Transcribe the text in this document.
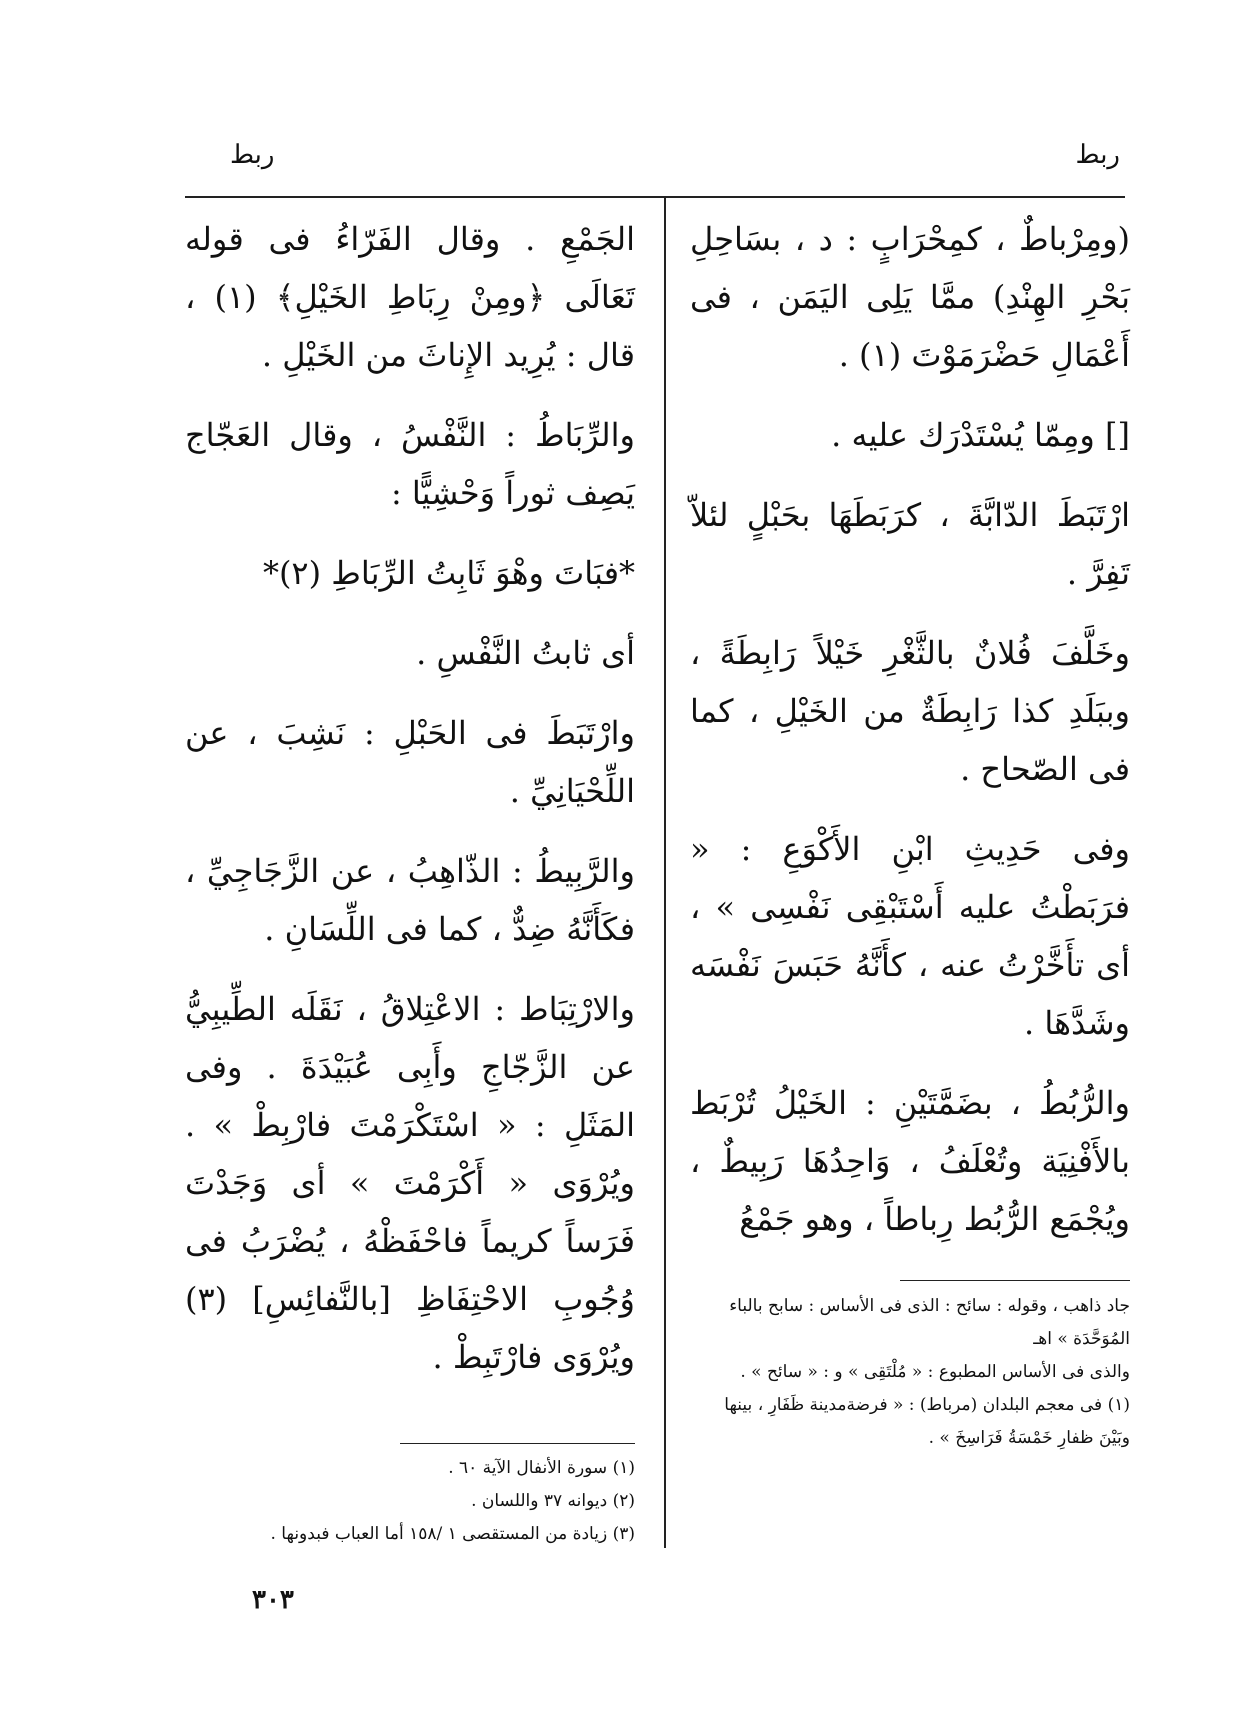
ربط
ربط

(ومِرْباطٌ ، كمِحْرَابٍ : د ، بسَاحِلِ بَحْرِ الهِنْدِ) ممَّا يَلِى اليَمَن ، فى أَعْمَالِ حَضْرَمَوْتَ (١) .

[] ومِمّا يُسْتَدْرَك عليه .

ارْتَبَطَ الدّابَّةَ ، كرَبَطَهَا بحَبْلٍ لئلاّ تَفِرَّ .

وخَلَّفَ فُلانٌ بالثَّغْرِ خَيْلاً رَابِطَةً ، وببَلَدِ كذا رَابِطَةٌ من الخَيْلِ ، كما فى الصّحاح .

وفى حَدِيثِ ابْنِ الأَكْوَعِ : « فرَبَطْتُ عليه أَسْتَبْقِى نَفْسِى » ، أى تأَخَّرْتُ عنه ، كأَنَّهُ حَبَسَ نَفْسَه وشَدَّهَا .

والرُّبُطُ ، بضَمَّتَيْنِ : الخَيْلُ تُرْبَط بالأَفْنِيَة وتُعْلَفُ ، وَاحِدُهَا رَبِيطٌ ، ويُجْمَع الرُّبُط رِباطاً ، وهو جَمْعُ

الجَمْعِ . وقال الفَرّاءُ فى قوله تَعَالَى ﴿ومِنْ رِبَاطِ الخَيْلِ﴾ (١) ، قال : يُرِيد الإِناثَ من الخَيْلِ .

والرِّبَاطُ : النَّفْسُ ، وقال العَجّاج يَصِف ثوراً وَحْشِيًّا :

*فبَاتَ وهْوَ ثَابِتُ الرِّبَاطِ (٢)*

أى ثابتُ النَّفْسِ .

وارْتَبَطَ فى الحَبْلِ : نَشِبَ ، عن اللِّحْيَانِيِّ .

والرَّبِيطُ : الذّاهِبُ ، عن الزَّجَاجِيِّ ، فكَأَنَّهُ ضِدٌّ ، كما فى اللِّسَانِ .

والارْتِبَاط : الاعْتِلاقُ ، نَقَلَه الطِّيبِيُّ عن الزَّجّاجِ وأَبِى عُبَيْدَةَ . وفى المَثَلِ : « اسْتَكْرَمْتَ فارْبِطْ » . ويُرْوَى « أَكْرَمْتَ » أى وَجَدْتَ فَرَساً كريماً فاحْفَظْهُ ، يُضْرَبُ فى وُجُوبِ الاحْتِفَاظِ [بالنَّفائِسِ] (٣) ويُرْوَى فارْتَبِطْ .

جاد ذاهب ، وقوله : سائح : الذى فى الأساس : سابح بالباء المُوَحَّدَة » اهـ

والذى فى الأساس المطبوع : « مُلْتَقِى » و : « سائح » .

(١) فى معجم البلدان (مرباط) : « فرضةمدينة ظَفَارِ ، بينها وبَيْنَ ظفارِ خَمْسَةُ فَرَاسِخَ » .

(١) سورة الأنفال الآية ٦٠ .

(٢) ديوانه ٣٧ واللسان .

(٣) زيادة من المستقصى ١ /١٥٨ أما العباب فبدونها .

٣٠٣
